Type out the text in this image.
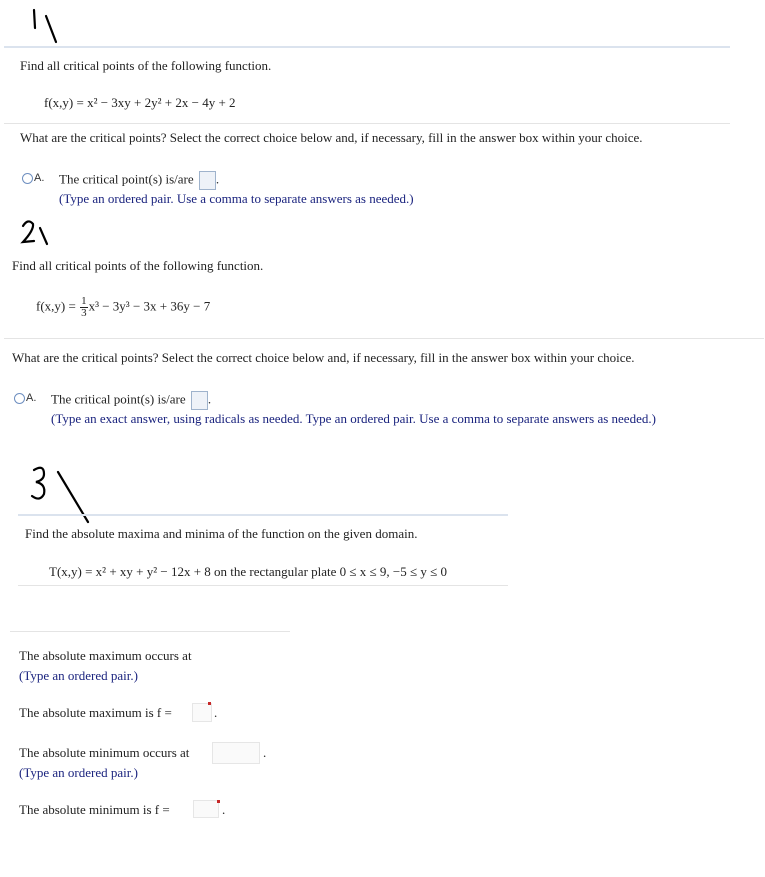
Find all critical points of the following function.
f(x,y) = x² − 3xy + 2y² + 2x − 4y + 2
What are the critical points? Select the correct choice below and, if necessary, fill in the answer box within your choice.
A. The critical point(s) is/are .
(Type an ordered pair. Use a comma to separate answers as needed.)
Find all critical points of the following function.
$f(x,y) = \frac{1}{3} x^3 - 3y^3 - 3x + 36y - 7$
What are the critical points? Select the correct choice below and, if necessary, fill in the answer box within your choice.
A. The critical point(s) is/are .
(Type an exact answer, using radicals as needed. Type an ordered pair. Use a comma to separate answers as needed.)
Find the absolute maxima and minima of the function on the given domain.
T(x,y) = x² + xy + y² − 12x + 8 on the rectangular plate 0 ≤ x ≤ 9, −5 ≤ y ≤ 0
The absolute maximum occurs at
(Type an ordered pair.)
The absolute maximum is f =	.
The absolute minimum occurs at	.
(Type an ordered pair.)
The absolute minimum is f =	.
